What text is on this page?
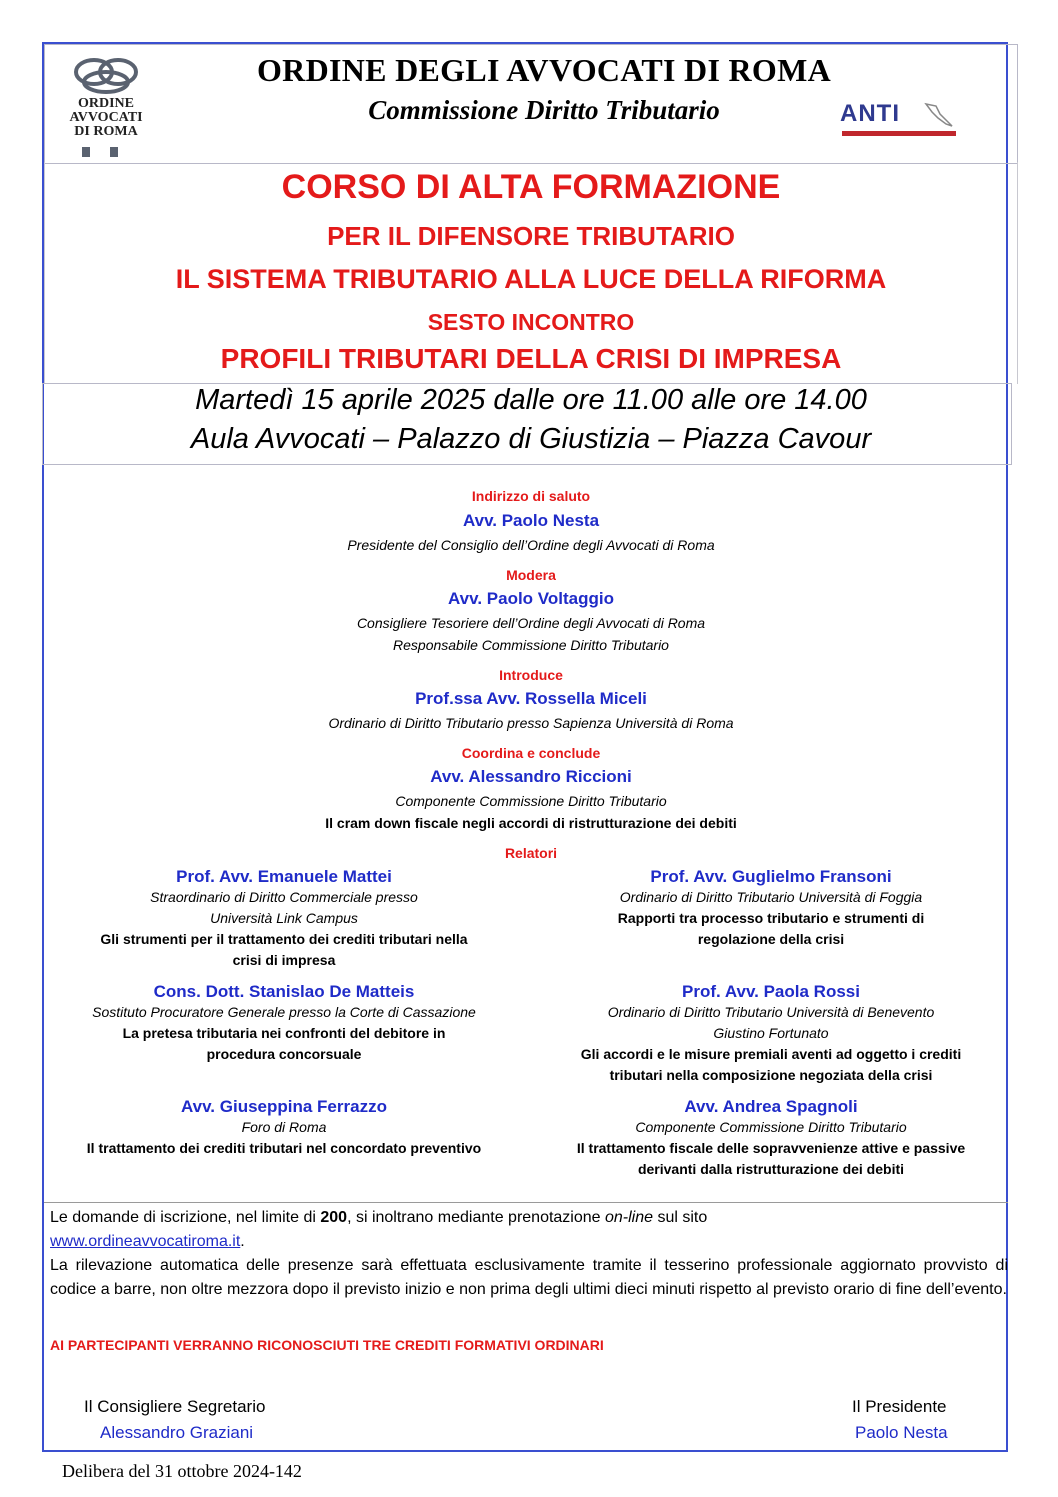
ORDINE
AVVOCATI
DI ROMA
ORDINE DEGLI AVVOCATI DI ROMA
Commissione Diritto Tributario	ANTI
CORSO DI ALTA FORMAZIONE
PER IL DIFENSORE TRIBUTARIO
IL SISTEMA TRIBUTARIO ALLA LUCE DELLA RIFORMA
SESTO INCONTRO
PROFILI TRIBUTARI DELLA CRISI DI IMPRESA
Martedì 15 aprile 2025 dalle ore 11.00 alle ore 14.00
Aula Avvocati – Palazzo di Giustizia – Piazza Cavour
Indirizzo di saluto
Avv. Paolo Nesta
Presidente del Consiglio dell’Ordine degli Avvocati di Roma
Modera
Avv. Paolo Voltaggio
Consigliere Tesoriere dell’Ordine degli Avvocati di Roma
Responsabile Commissione Diritto Tributario
Introduce
Prof.ssa Avv. Rossella Miceli
Ordinario di Diritto Tributario presso Sapienza Università di Roma
Coordina e conclude
Avv. Alessandro Riccioni
Componente Commissione Diritto Tributario
Il cram down fiscale negli accordi di ristrutturazione dei debiti
Relatori
Prof. Avv. Emanuele Mattei
Straordinario di Diritto Commerciale presso
Università Link Campus
Gli strumenti per il trattamento dei crediti tributari nella
crisi di impresa
Cons. Dott. Stanislao De Matteis
Sostituto Procuratore Generale presso la Corte di Cassazione
La pretesa tributaria nei confronti del debitore in
procedura concorsuale
Avv. Giuseppina Ferrazzo
Foro di Roma
Il trattamento dei crediti tributari nel concordato preventivo
Prof. Avv. Guglielmo Fransoni
Ordinario di Diritto Tributario Università di Foggia
Rapporti tra processo tributario e strumenti di
regolazione della crisi
Prof. Avv. Paola Rossi
Ordinario di Diritto Tributario Università di Benevento
Giustino Fortunato
Gli accordi e le misure premiali aventi ad oggetto i crediti
tributari nella composizione negoziata della crisi
Avv. Andrea Spagnoli
Componente Commissione Diritto Tributario
Il trattamento fiscale delle sopravvenienze attive e passive
derivanti dalla ristrutturazione dei debiti
Le domande di iscrizione, nel limite di 200, si inoltrano mediante prenotazione on-line sul sito
www.ordineavvocatiroma.it.
La rilevazione automatica delle presenze sarà effettuata esclusivamente tramite il tesserino professionale aggiornato provvisto di codice a barre, non oltre mezzora dopo il previsto inizio e non prima degli ultimi dieci minuti rispetto al previsto orario di fine dell’evento.
AI PARTECIPANTI VERRANNO RICONOSCIUTI TRE CREDITI FORMATIVI ORDINARI
Il Consigliere Segretario
Alessandro Graziani
Il Presidente
Paolo Nesta
Delibera del 31 ottobre 2024-142
